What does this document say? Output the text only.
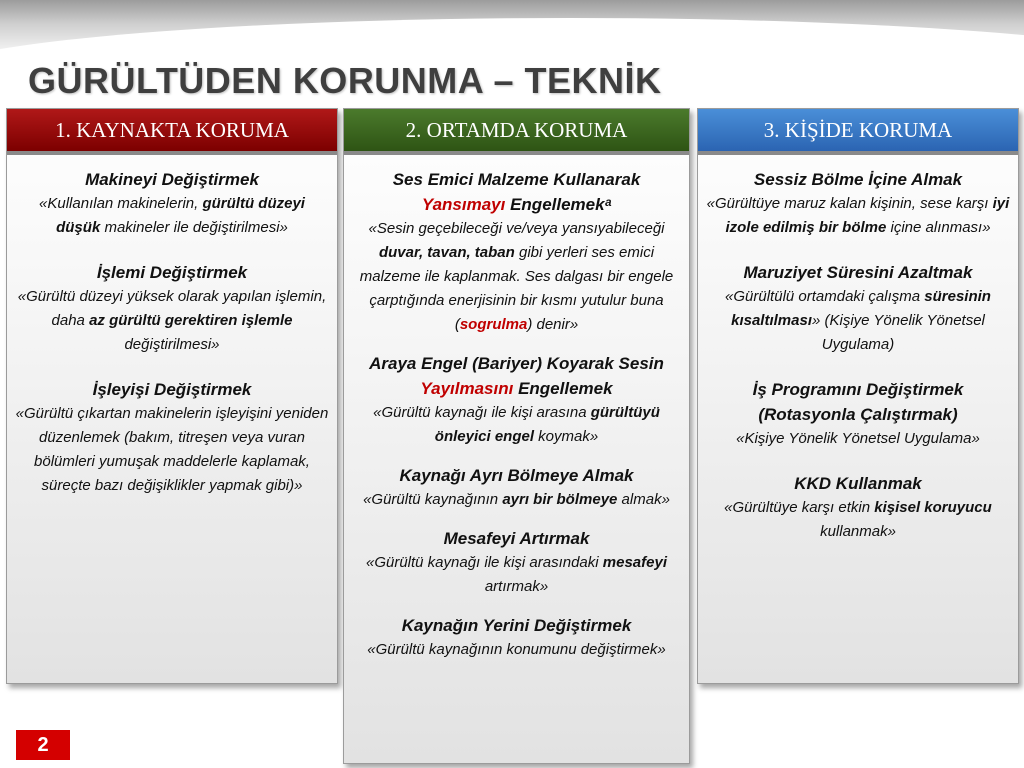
GÜRÜLTÜDEN KORUNMA – TEKNİK
1. KAYNAKTA KORUMA
Makineyi Değiştirmek
«Kullanılan makinelerin, gürültü düzeyi düşük makineler ile değiştirilmesi»
İşlemi Değiştirmek
«Gürültü düzeyi yüksek olarak yapılan işlemin, daha az gürültü gerektiren işlemle değiştirilmesi»
İşleyişi Değiştirmek
«Gürültü çıkartan makinelerin işleyişini yeniden düzenlemek (bakım, titreşen veya vuran bölümleri yumuşak maddelerle kaplamak, süreçte bazı değişiklikler yapmak gibi)»
2. ORTAMDA KORUMA
Ses Emici Malzeme Kullanarak Yansımayı Engellemekᵃ
«Sesin geçebileceği ve/veya yansıyabileceği duvar, tavan, taban gibi yerleri ses emici malzeme ile kaplanmak. Ses dalgası bir engele çarptığında enerjisinin bir kısmı yutulur buna (sogrulma) denir»
Araya Engel (Bariyer) Koyarak Sesin Yayılmasını Engellemek
«Gürültü kaynağı ile kişi arasına gürültüyü önleyici engel koymak»
Kaynağı Ayrı Bölmeye Almak
«Gürültü kaynağının ayrı bir bölmeye almak»
Mesafeyi Artırmak
«Gürültü kaynağı ile kişi arasındaki mesafeyi artırmak»
Kaynağın Yerini Değiştirmek
«Gürültü kaynağının konumunu değiştirmek»
3. KİŞİDE KORUMA
Sessiz Bölme İçine Almak
«Gürültüye maruz kalan kişinin, sese karşı iyi izole edilmiş bir bölme içine alınması»
Maruziyet Süresini Azaltmak
«Gürültülü ortamdaki çalışma süresinin kısaltılması» (Kişiye Yönelik Yönetsel Uygulama)
İş Programını Değiştirmek (Rotasyonla Çalıştırmak)
«Kişiye Yönelik Yönetsel Uygulama»
KKD Kullanmak
«Gürültüye karşı etkin kişisel koruyucu kullanmak»
2
